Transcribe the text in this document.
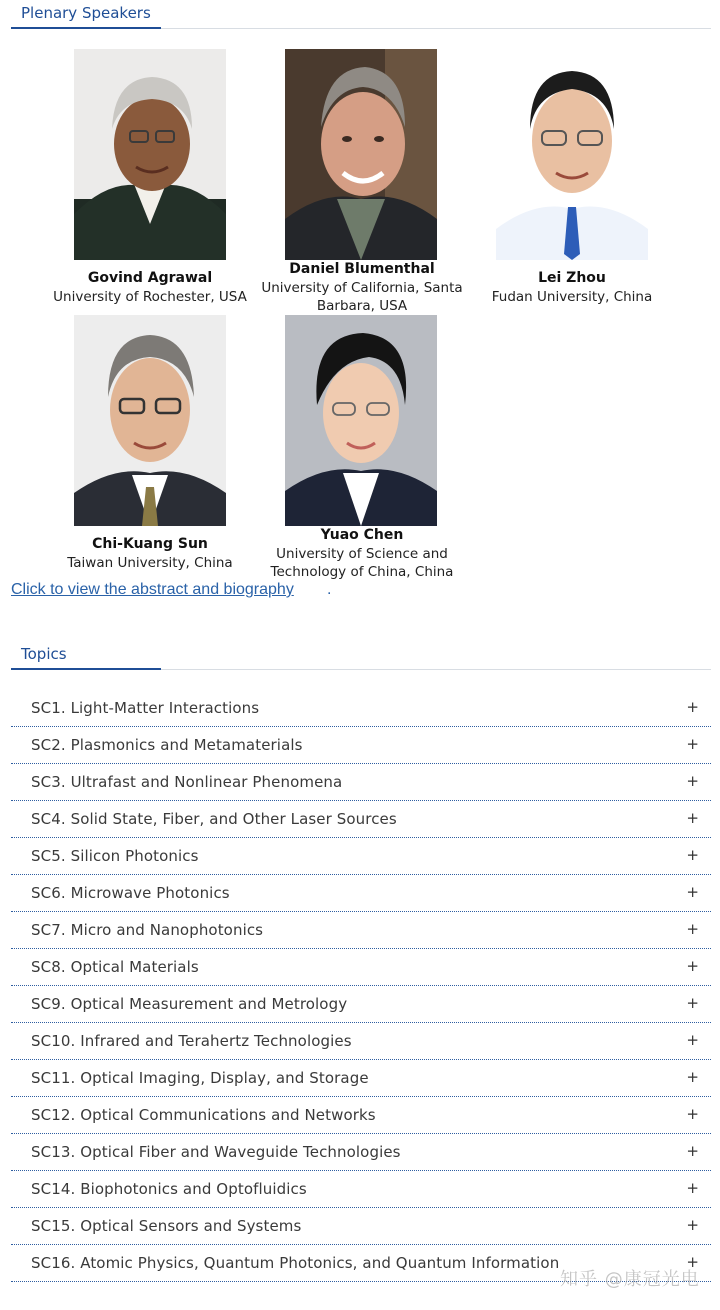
Plenary Speakers
Govind Agrawal
University of Rochester, USA
Daniel Blumenthal
University of California, Santa Barbara, USA
Lei Zhou
Fudan University, China
Chi-Kuang Sun
Taiwan University, China
Yuao Chen
University of Science and Technology of China, China
Click to view the abstract and biography .
Topics
SC1. Light-Matter Interactions	+
SC2. Plasmonics and Metamaterials	+
SC3. Ultrafast and Nonlinear Phenomena	+
SC4. Solid State, Fiber, and Other Laser Sources	+
SC5. Silicon Photonics	+
SC6. Microwave Photonics	+
SC7. Micro and Nanophotonics	+
SC8. Optical Materials	+
SC9. Optical Measurement and Metrology	+
SC10. Infrared and Terahertz Technologies	+
SC11. Optical Imaging, Display, and Storage	+
SC12. Optical Communications and Networks	+
SC13. Optical Fiber and Waveguide Technologies	+
SC14. Biophotonics and Optofluidics	+
SC15. Optical Sensors and Systems	+
SC16. Atomic Physics, Quantum Photonics, and Quantum Information	+
知乎 @康冠光电
